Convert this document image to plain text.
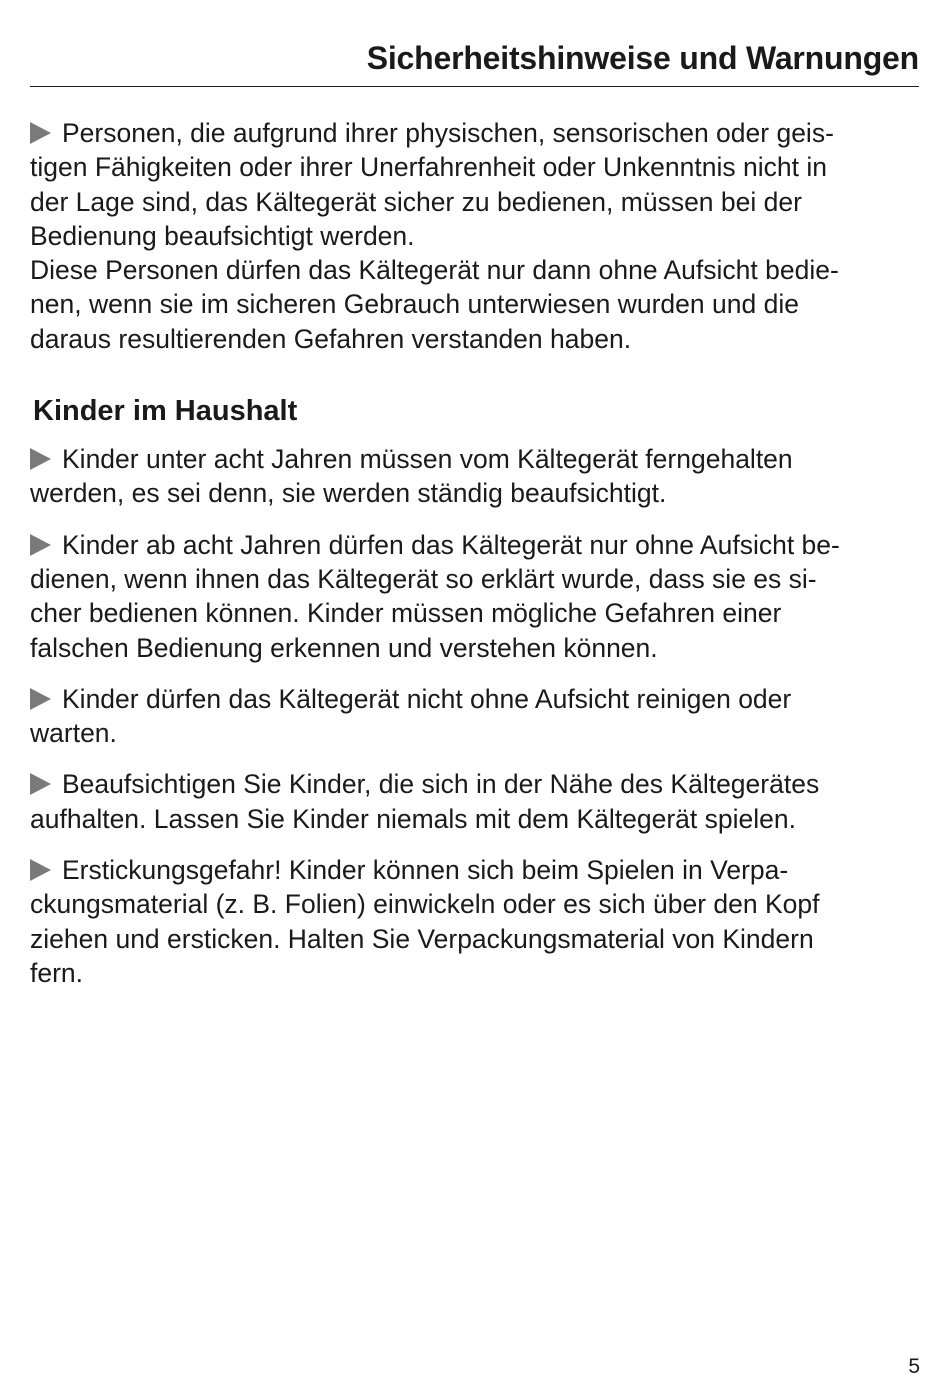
Sicherheitshinweise und Warnungen

Personen, die aufgrund ihrer physischen, sensorischen oder geis-
tigen Fähigkeiten oder ihrer Unerfahrenheit oder Unkenntnis nicht in
der Lage sind, das Kältegerät sicher zu bedienen, müssen bei der
Bedienung beaufsichtigt werden.

Diese Personen dürfen das Kältegerät nur dann ohne Aufsicht bedie-
nen, wenn sie im sicheren Gebrauch unterwiesen wurden und die
daraus resultierenden Gefahren verstanden haben.

Kinder im Haushalt

Kinder unter acht Jahren müssen vom Kältegerät ferngehalten
werden, es sei denn, sie werden ständig beaufsichtigt.

Kinder ab acht Jahren dürfen das Kältegerät nur ohne Aufsicht be-
dienen, wenn ihnen das Kältegerät so erklärt wurde, dass sie es si-
cher bedienen können. Kinder müssen mögliche Gefahren einer
falschen Bedienung erkennen und verstehen können.

Kinder dürfen das Kältegerät nicht ohne Aufsicht reinigen oder
warten.

Beaufsichtigen Sie Kinder, die sich in der Nähe des Kältegerätes
aufhalten. Lassen Sie Kinder niemals mit dem Kältegerät spielen.

Erstickungsgefahr! Kinder können sich beim Spielen in Verpa-
ckungsmaterial (z. B. Folien) einwickeln oder es sich über den Kopf
ziehen und ersticken. Halten Sie Verpackungsmaterial von Kindern
fern.

5
